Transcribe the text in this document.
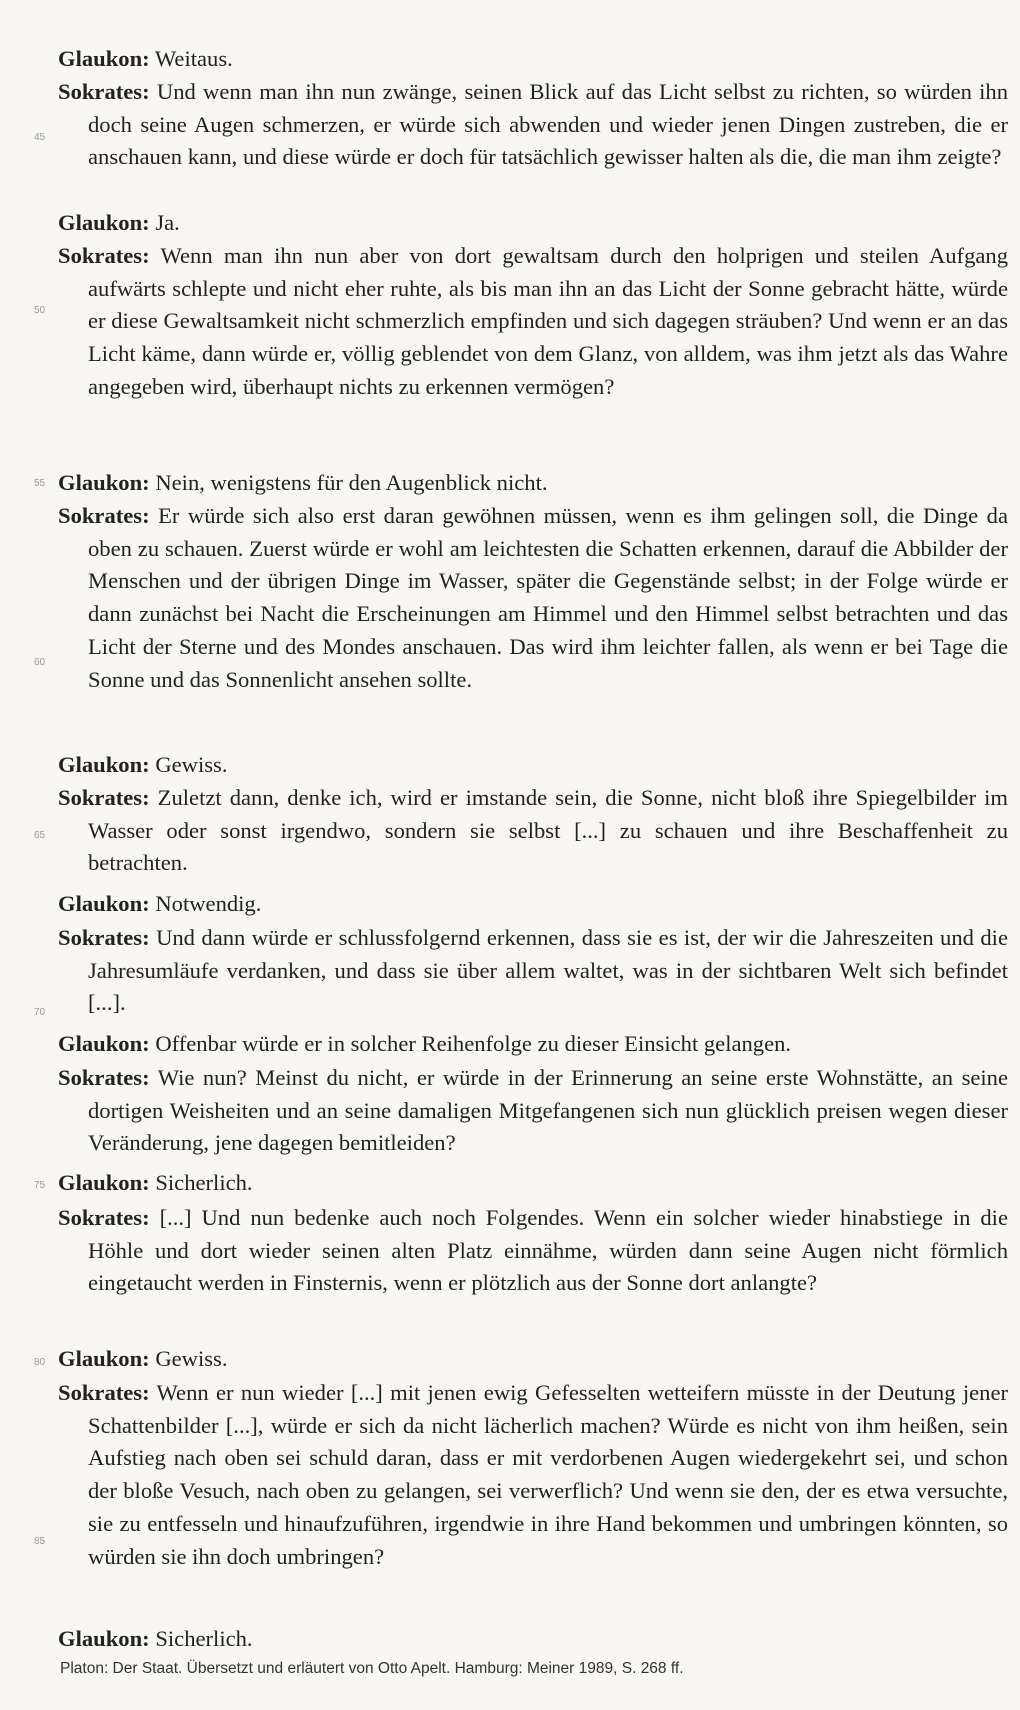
Glaukon: Weitaus.
Sokrates: Und wenn man ihn nun zwänge, seinen Blick auf das Licht selbst zu richten, so würden ihn doch seine Augen schmerzen, er würde sich abwenden und wieder jenen Dingen zustreben, die er anschauen kann, und diese würde er doch für tatsächlich gewisser halten als die, die man ihm zeigte?
Glaukon: Ja.
Sokrates: Wenn man ihn nun aber von dort gewaltsam durch den holprigen und steilen Aufgang aufwärts schlepte und nicht eher ruhte, als bis man ihn an das Licht der Sonne gebracht hätte, würde er diese Gewaltsamkeit nicht schmerzlich empfinden und sich dagegen sträuben? Und wenn er an das Licht käme, dann würde er, völlig geblendet von dem Glanz, von alldem, was ihm jetzt als das Wahre angegeben wird, überhaupt nichts zu erkennen vermögen?
Glaukon: Nein, wenigstens für den Augenblick nicht.
Sokrates: Er würde sich also erst daran gewöhnen müssen, wenn es ihm gelingen soll, die Dinge da oben zu schauen. Zuerst würde er wohl am leichtesten die Schatten erkennen, darauf die Abbilder der Menschen und der übrigen Dinge im Wasser, später die Gegenstände selbst; in der Folge würde er dann zunächst bei Nacht die Erscheinungen am Himmel und den Himmel selbst betrachten und das Licht der Sterne und des Mondes anschauen. Das wird ihm leichter fallen, als wenn er bei Tage die Sonne und das Sonnenlicht ansehen sollte.
Glaukon: Gewiss.
Sokrates: Zuletzt dann, denke ich, wird er imstande sein, die Sonne, nicht bloß ihre Spiegelbilder im Wasser oder sonst irgendwo, sondern sie selbst [...] zu schauen und ihre Beschaffenheit zu betrachten.
Glaukon: Notwendig.
Sokrates: Und dann würde er schlussfolgernd erkennen, dass sie es ist, der wir die Jahreszeiten und die Jahresumläufe verdanken, und dass sie über allem waltet, was in der sichtbaren Welt sich befindet [...].
Glaukon: Offenbar würde er in solcher Reihenfolge zu dieser Einsicht gelangen.
Sokrates: Wie nun? Meinst du nicht, er würde in der Erinnerung an seine erste Wohnstätte, an seine dortigen Weisheiten und an seine damaligen Mitgefangenen sich nun glücklich preisen wegen dieser Veränderung, jene dagegen bemitleiden?
Glaukon: Sicherlich.
Sokrates: [...] Und nun bedenke auch noch Folgendes. Wenn ein solcher wieder hinabstiege in die Höhle und dort wieder seinen alten Platz einnähme, würden dann seine Augen nicht förmlich eingetaucht werden in Finsternis, wenn er plötzlich aus der Sonne dort anlangte?
Glaukon: Gewiss.
Sokrates: Wenn er nun wieder [...] mit jenen ewig Gefesselten wetteifern müsste in der Deutung jener Schattenbilder [...], würde er sich da nicht lächerlich machen? Würde es nicht von ihm heißen, sein Aufstieg nach oben sei schuld daran, dass er mit verdorbenen Augen wiedergekehrt sei, und schon der bloße Vesuch, nach oben zu gelangen, sei verwerflich? Und wenn sie den, der es etwa versuchte, sie zu entfesseln und hinaufzuführen, irgendwie in ihre Hand bekommen und umbringen könnten, so würden sie ihn doch umbringen?
Glaukon: Sicherlich.
45
50
55
60
65
70
75
80
85
Platon: Der Staat. Übersetzt und erläutert von Otto Apelt. Hamburg: Meiner 1989, S. 268 ff.
